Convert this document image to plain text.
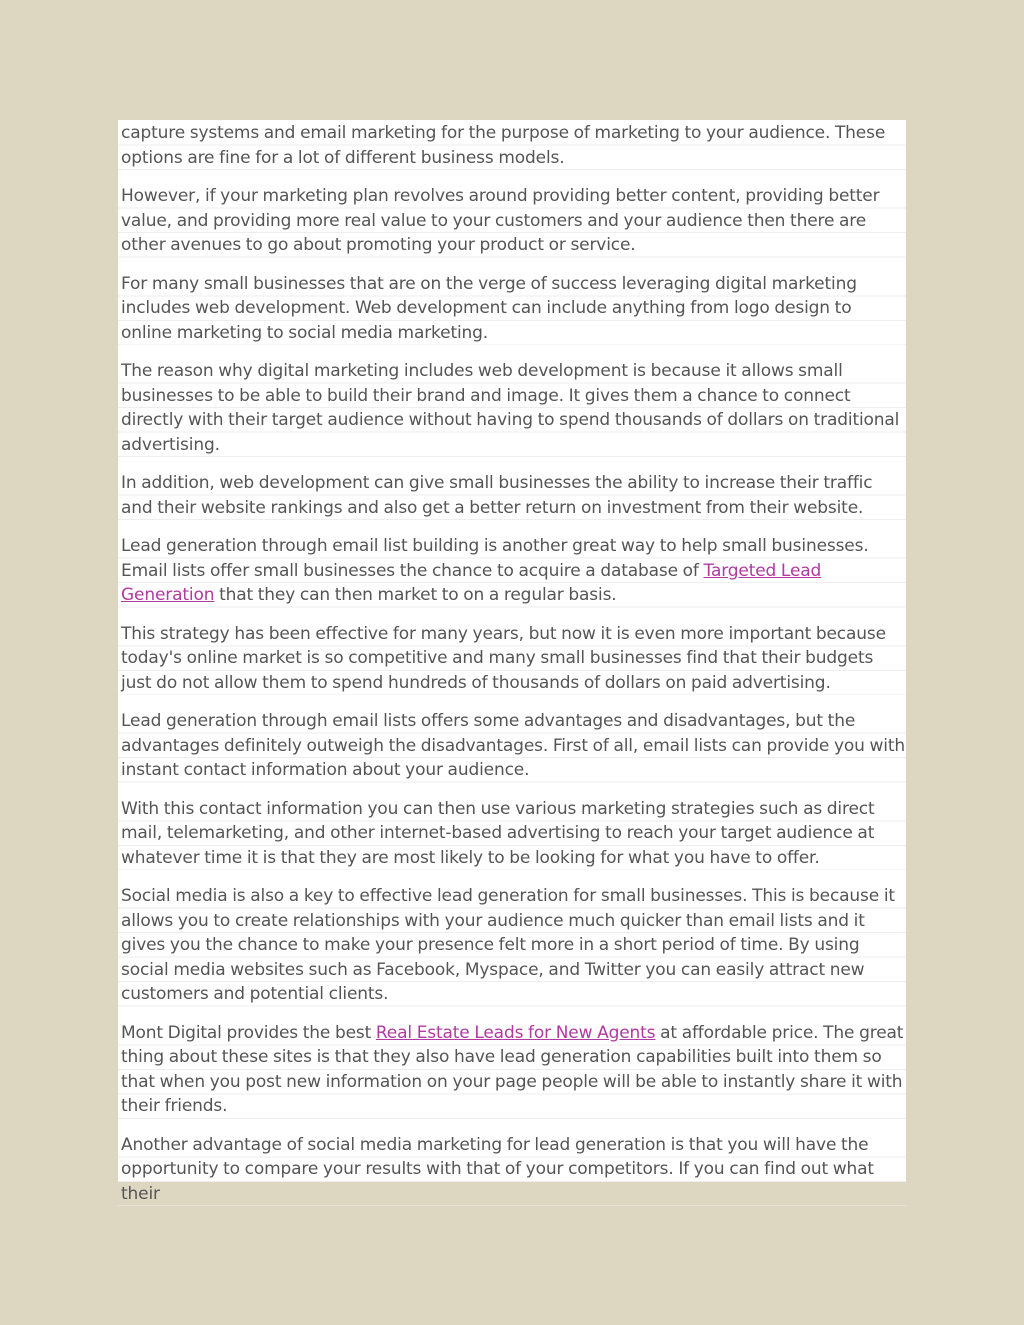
capture systems and email marketing for the purpose of marketing to your audience. These options are fine for a lot of different business models.

However, if your marketing plan revolves around providing better content, providing better value, and providing more real value to your customers and your audience then there are other avenues to go about promoting your product or service.

For many small businesses that are on the verge of success leveraging digital marketing includes web development. Web development can include anything from logo design to online marketing to social media marketing.

The reason why digital marketing includes web development is because it allows small businesses to be able to build their brand and image. It gives them a chance to connect directly with their target audience without having to spend thousands of dollars on traditional advertising.

In addition, web development can give small businesses the ability to increase their traffic and their website rankings and also get a better return on investment from their website.

Lead generation through email list building is another great way to help small businesses. Email lists offer small businesses the chance to acquire a database of Targeted Lead Generation that they can then market to on a regular basis.

This strategy has been effective for many years, but now it is even more important because today's online market is so competitive and many small businesses find that their budgets just do not allow them to spend hundreds of thousands of dollars on paid advertising.

Lead generation through email lists offers some advantages and disadvantages, but the advantages definitely outweigh the disadvantages. First of all, email lists can provide you with instant contact information about your audience.

With this contact information you can then use various marketing strategies such as direct mail, telemarketing, and other internet-based advertising to reach your target audience at whatever time it is that they are most likely to be looking for what you have to offer.

Social media is also a key to effective lead generation for small businesses. This is because it allows you to create relationships with your audience much quicker than email lists and it gives you the chance to make your presence felt more in a short period of time. By using social media websites such as Facebook, Myspace, and Twitter you can easily attract new customers and potential clients.

Mont Digital provides the best Real Estate Leads for New Agents at affordable price. The great thing about these sites is that they also have lead generation capabilities built into them so that when you post new information on your page people will be able to instantly share it with their friends.

Another advantage of social media marketing for lead generation is that you will have the opportunity to compare your results with that of your competitors. If you can find out what their
